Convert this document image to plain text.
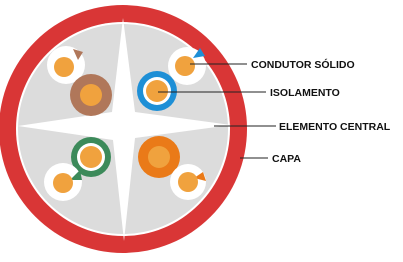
CONDUTOR SÓLIDO
ISOLAMENTO
ELEMENTO CENTRAL
CAPA
